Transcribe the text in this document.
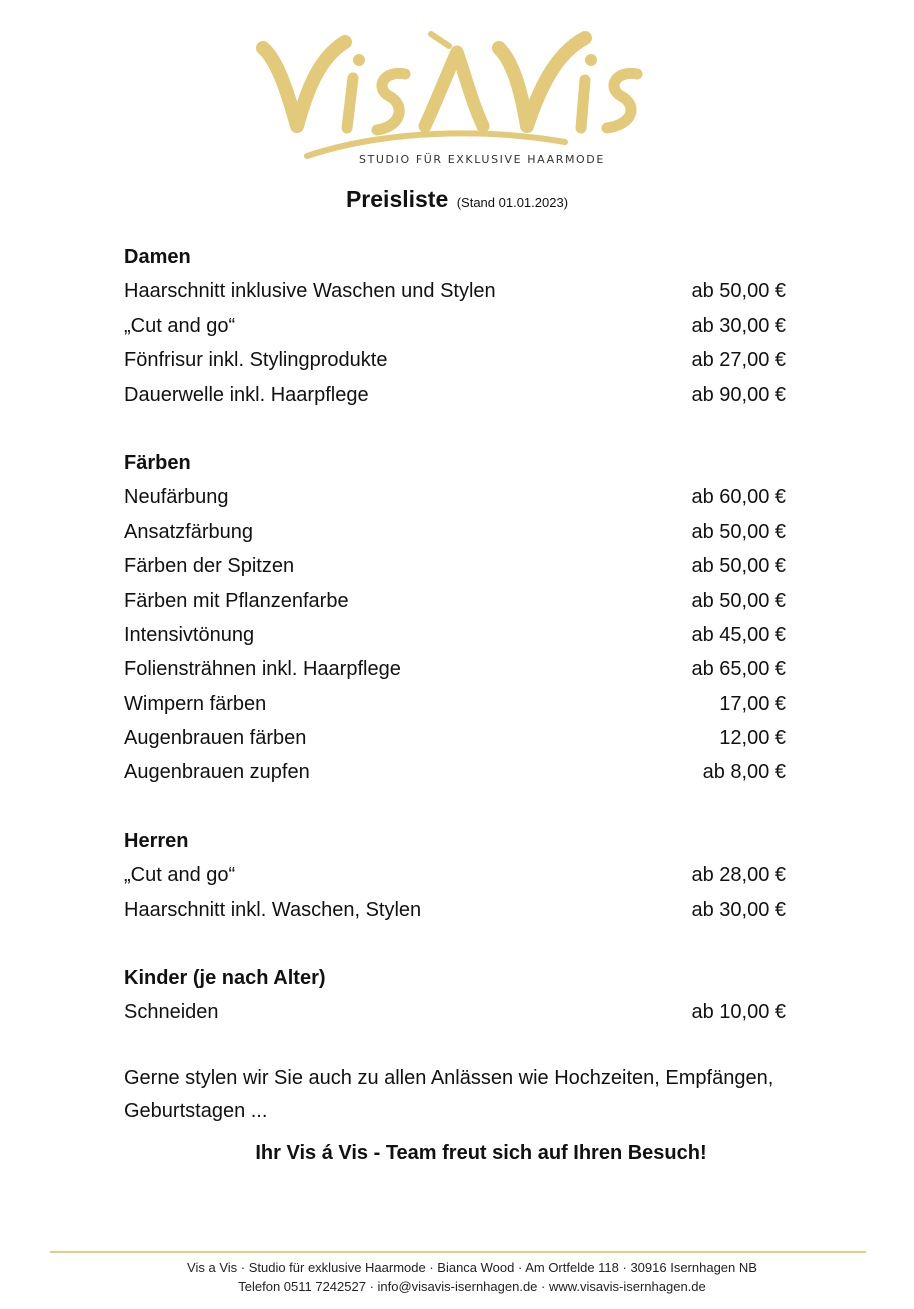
STUDIO FÜR EXKLUSIVE HAARMODE
Preisliste (Stand 01.01.2023)
Damen
Haarschnitt inklusive Waschen und Stylen	ab 50,00 €
„Cut and go“	ab 30,00 €
Fönfrisur inkl. Stylingprodukte	ab 27,00 €
Dauerwelle inkl. Haarpflege	ab 90,00 €
Färben
Neufärbung	ab 60,00 €
Ansatzfärbung	ab 50,00 €
Färben der Spitzen	ab 50,00 €
Färben mit Pflanzenfarbe	ab 50,00 €
Intensivtönung	ab 45,00 €
Foliensträhnen inkl. Haarpflege	ab 65,00 €
Wimpern färben	17,00 €
Augenbrauen färben	12,00 €
Augenbrauen zupfen	ab 8,00 €
Herren
„Cut and go“	ab 28,00 €
Haarschnitt inkl. Waschen, Stylen	ab 30,00 €
Kinder (je nach Alter)
Schneiden	ab 10,00 €
Gerne stylen wir Sie auch zu allen Anlässen wie Hochzeiten, Empfängen, Geburtstagen ...
Ihr Vis á Vis - Team freut sich auf Ihren Besuch!
Vis a Vis · Studio für exklusive Haarmode · Bianca Wood · Am Ortfelde 118 · 30916 Isernhagen NB
Telefon 0511 7242527 · info@visavis-isernhagen.de · www.visavis-isernhagen.de
